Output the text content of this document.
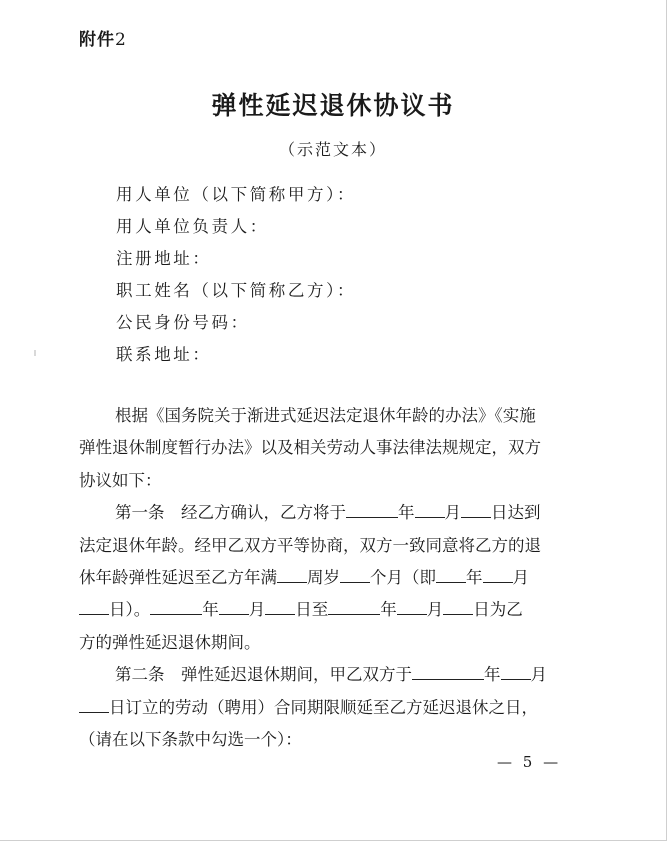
附件2
弹性延迟退休协议书
（示范文本）
用人单位（以下简称甲方）：
用人单位负责人：
注册地址：
职工姓名（以下简称乙方）：
公民身份号码：
联系地址：
根据《国务院关于渐进式延迟法定退休年龄的办法》《实施
弹性退休制度暂行办法》以及相关劳动人事法律法规规定，双方
协议如下：
第一条　经乙方确认，乙方将于	年 月 日达到
法定退休年龄。经甲乙双方平等协商，双方一致同意将乙方的退
休年龄弹性延迟至乙方年满 周岁 个月（即 年 月
日）。	年 月 日至	年 月 日为乙
方的弹性延迟退休期间。
第二条　弹性延迟退休期间，甲乙双方于	年 月
日订立的劳动（聘用）合同期限顺延至乙方延迟退休之日，
（请在以下条款中勾选一个）：
— 5 —
